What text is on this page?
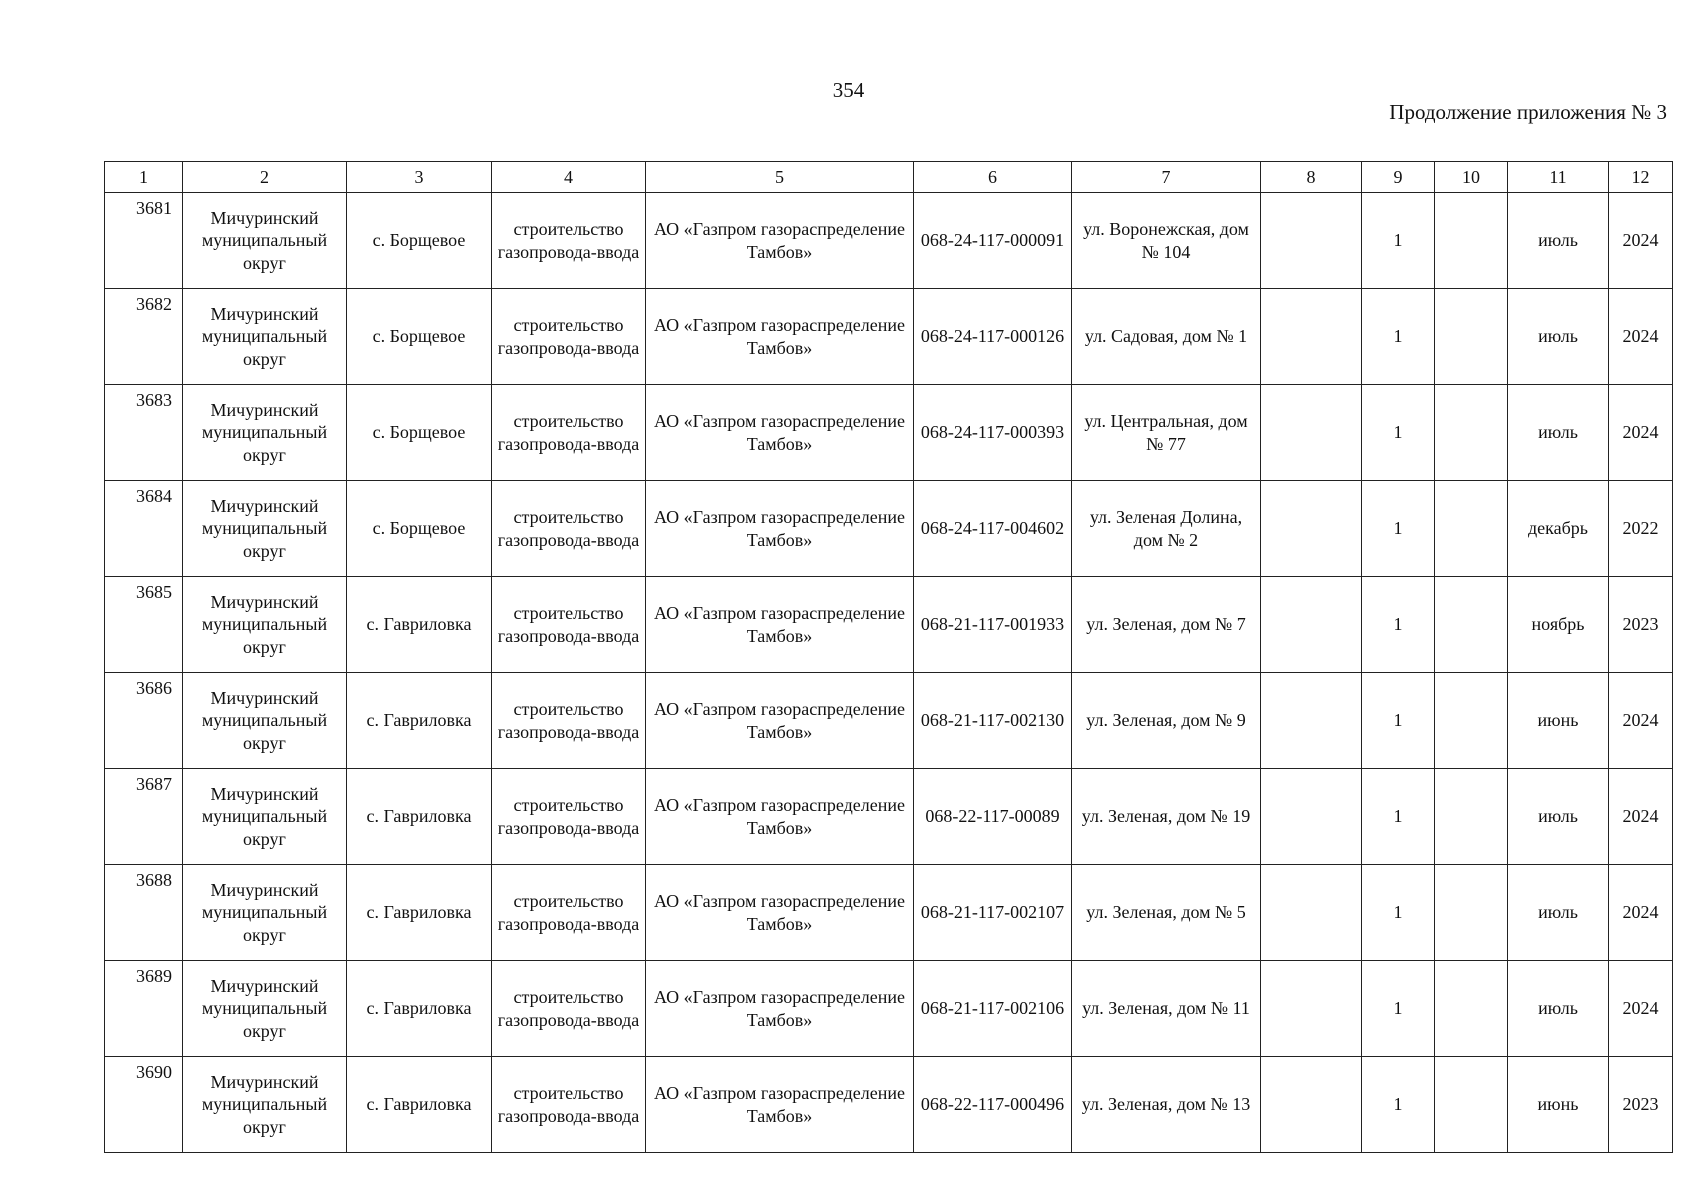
354
Продолжение приложения № 3
1	2	3	4	5	6	7	8	9	10	11	12
3681	Мичуринский муниципальный округ	с. Борщевое	строительство газопровода-ввода	АО «Газпром газораспределение Тамбов»	068-24-117-000091	ул. Воронежская, дом № 104		1		июль	2024
3682	Мичуринский муниципальный округ	с. Борщевое	строительство газопровода-ввода	АО «Газпром газораспределение Тамбов»	068-24-117-000126	ул. Садовая, дом № 1		1		июль	2024
3683	Мичуринский муниципальный округ	с. Борщевое	строительство газопровода-ввода	АО «Газпром газораспределение Тамбов»	068-24-117-000393	ул. Центральная, дом № 77		1		июль	2024
3684	Мичуринский муниципальный округ	с. Борщевое	строительство газопровода-ввода	АО «Газпром газораспределение Тамбов»	068-24-117-004602	ул. Зеленая Долина, дом № 2		1		декабрь	2022
3685	Мичуринский муниципальный округ	с. Гавриловка	строительство газопровода-ввода	АО «Газпром газораспределение Тамбов»	068-21-117-001933	ул. Зеленая, дом № 7		1		ноябрь	2023
3686	Мичуринский муниципальный округ	с. Гавриловка	строительство газопровода-ввода	АО «Газпром газораспределение Тамбов»	068-21-117-002130	ул. Зеленая, дом № 9		1		июнь	2024
3687	Мичуринский муниципальный округ	с. Гавриловка	строительство газопровода-ввода	АО «Газпром газораспределение Тамбов»	068-22-117-00089	ул. Зеленая, дом № 19		1		июль	2024
3688	Мичуринский муниципальный округ	с. Гавриловка	строительство газопровода-ввода	АО «Газпром газораспределение Тамбов»	068-21-117-002107	ул. Зеленая, дом № 5		1		июль	2024
3689	Мичуринский муниципальный округ	с. Гавриловка	строительство газопровода-ввода	АО «Газпром газораспределение Тамбов»	068-21-117-002106	ул. Зеленая, дом № 11		1		июль	2024
3690	Мичуринский муниципальный округ	с. Гавриловка	строительство газопровода-ввода	АО «Газпром газораспределение Тамбов»	068-22-117-000496	ул. Зеленая, дом № 13		1		июнь	2023
